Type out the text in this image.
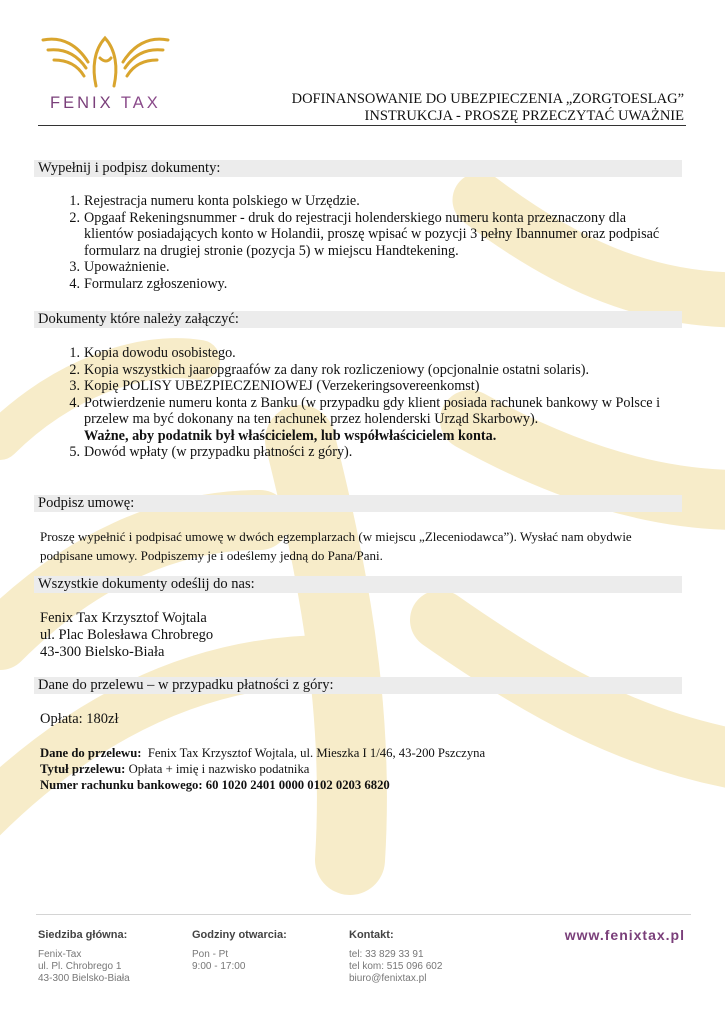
FENIX TAX	DOFINANSOWANIE DO UBEZPIECZENIA „ZORGTOESLAG”
INSTRUKCJA - PROSZĘ PRZECZYTAĆ UWAŻNIE
Wypełnij i podpisz dokumenty:
1. Rejestracja numeru konta polskiego w Urzędzie.
2. Opgaaf Rekeningsnummer - druk do rejestracji holenderskiego numeru konta przeznaczony dla
klientów posiadających konto w Holandii, proszę wpisać w pozycji 3 pełny Ibannumer oraz podpisać
formularz na drugiej stronie (pozycja 5) w miejscu Handtekening.
3. Upoważnienie.
4. Formularz zgłoszeniowy.
Dokumenty które należy załączyć:
1. Kopia dowodu osobistego.
2. Kopia wszystkich jaaropgraafów za dany rok rozliczeniowy (opcjonalnie ostatni solaris).
3. Kopię POLISY UBEZPIECZENIOWEJ (Verzekeringsovereenkomst)
4. Potwierdzenie numeru konta z Banku (w przypadku gdy klient posiada rachunek bankowy w Polsce i
przelew ma być dokonany na ten rachunek przez holenderski Urząd Skarbowy).
Ważne, aby podatnik był właścicielem, lub współwłaścicielem konta.
5. Dowód wpłaty (w przypadku płatności z góry).
Podpisz umowę:
Proszę wypełnić i podpisać umowę w dwóch egzemplarzach (w miejscu „Zleceniodawca”). Wysłać nam obydwie
podpisane umowy. Podpiszemy je i odeślemy jedną do Pana/Pani.
Wszystkie dokumenty odeślij do nas:
Fenix Tax Krzysztof Wojtala
ul. Plac Bolesława Chrobrego
43-300 Bielsko-Biała
Dane do przelewu – w przypadku płatności z góry:
Opłata: 180zł
Dane do przelewu: Fenix Tax Krzysztof Wojtala, ul. Mieszka I 1/46, 43-200 Pszczyna
Tytuł przelewu: Opłata + imię i nazwisko podatnika
Numer rachunku bankowego: 60 1020 2401 0000 0102 0203 6820
Siedziba główna:
Fenix-Tax
ul. Pl. Chrobrego 1
43-300 Bielsko-Biała
Godziny otwarcia:
Pon - Pt
9:00 - 17:00
Kontakt:
tel: 33 829 33 91
tel kom: 515 096 602
biuro@fenixtax.pl
www.fenixtax.pl
